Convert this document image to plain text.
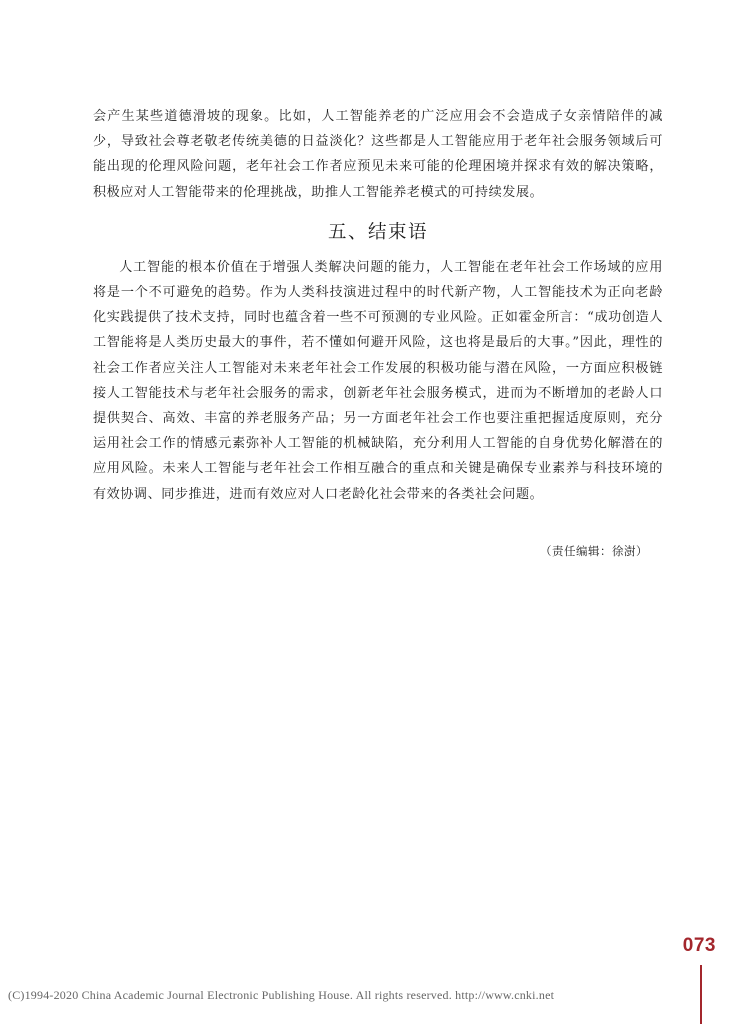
会产生某些道德滑坡的现象。比如，人工智能养老的广泛应用会不会造成子女亲情陪伴的减少，导致社会尊老敬老传统美德的日益淡化？这些都是人工智能应用于老年社会服务领域后可能出现的伦理风险问题，老年社会工作者应预见未来可能的伦理困境并探求有效的解决策略，积极应对人工智能带来的伦理挑战，助推人工智能养老模式的可持续发展。

五、结束语

人工智能的根本价值在于增强人类解决问题的能力，人工智能在老年社会工作场域的应用将是一个不可避免的趋势。作为人类科技演进过程中的时代新产物，人工智能技术为正向老龄化实践提供了技术支持，同时也蕴含着一些不可预测的专业风险。正如霍金所言：“成功创造人工智能将是人类历史最大的事件，若不懂如何避开风险，这也将是最后的大事。”因此，理性的社会工作者应关注人工智能对未来老年社会工作发展的积极功能与潜在风险，一方面应积极链接人工智能技术与老年社会服务的需求，创新老年社会服务模式，进而为不断增加的老龄人口提供契合、高效、丰富的养老服务产品；另一方面老年社会工作也要注重把握适度原则，充分运用社会工作的情感元素弥补人工智能的机械缺陷，充分利用人工智能的自身优势化解潜在的应用风险。未来人工智能与老年社会工作相互融合的重点和关键是确保专业素养与科技环境的有效协调、同步推进，进而有效应对人口老龄化社会带来的各类社会问题。

（责任编辑：徐澍）
073
(C)1994-2020 China Academic Journal Electronic Publishing House. All rights reserved. http://www.cnki.net
